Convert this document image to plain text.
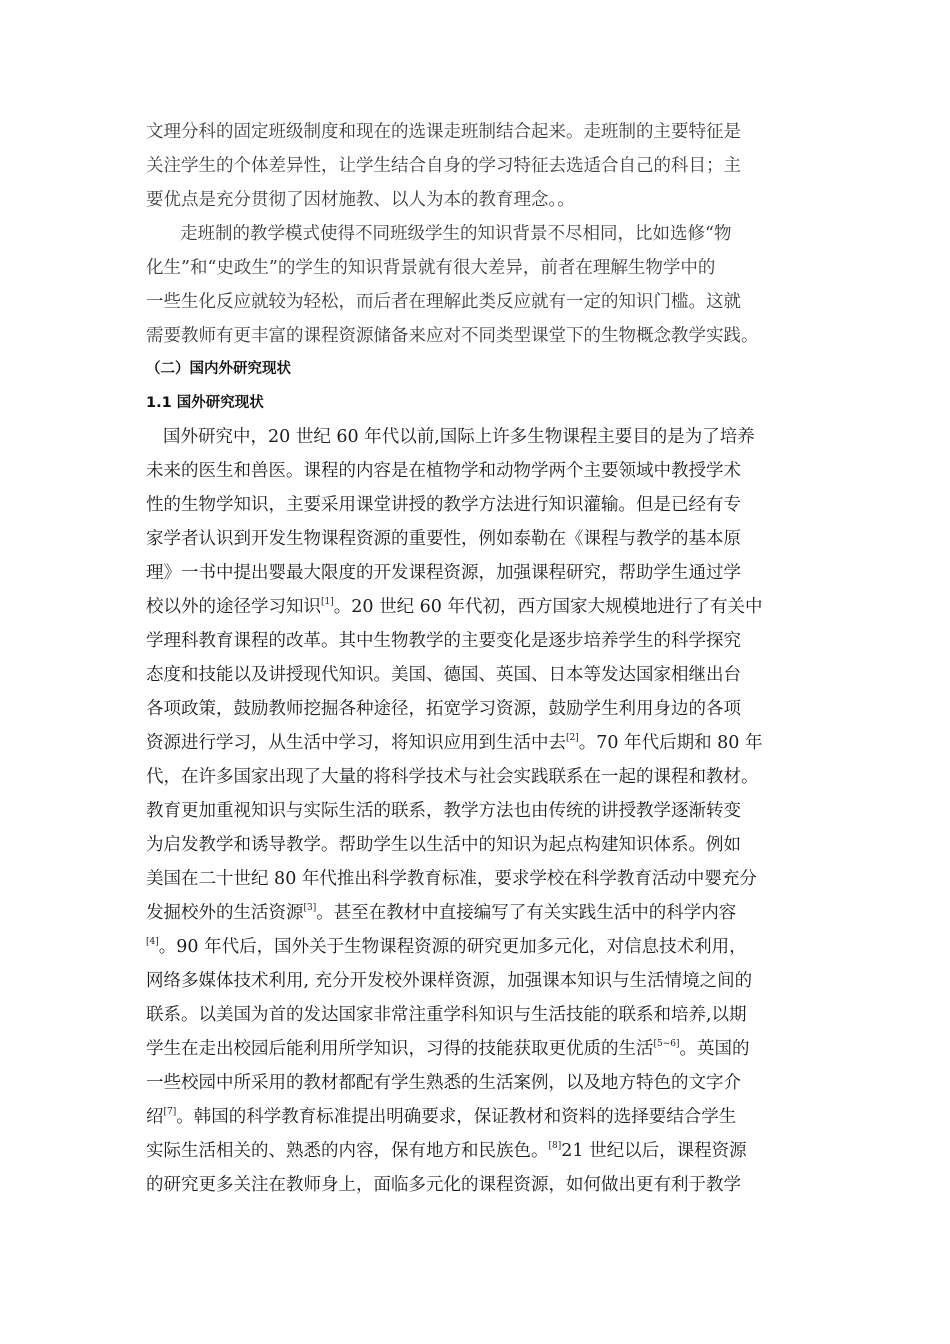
文理分科的固定班级制度和现在的选课走班制结合起来。走班制的主要特征是

关注学生的个体差异性，让学生结合自身的学习特征去选适合自己的科目；主

要优点是充分贯彻了因材施教、以人为本的教育理念。。

走班制的教学模式使得不同班级学生的知识背景不尽相同，比如选修“物

化生”和“史政生”的学生的知识背景就有很大差异，前者在理解生物学中的

一些生化反应就较为轻松，而后者在理解此类反应就有一定的知识门槛。这就

需要教师有更丰富的课程资源储备来应对不同类型课堂下的生物概念教学实践。

（二）国内外研究现状
1.1 国外研究现状

国外研究中，20 世纪 60 年代以前,国际上许多生物课程主要目的是为了培养

未来的医生和兽医。课程的内容是在植物学和动物学两个主要领域中教授学术

性的生物学知识，主要采用课堂讲授的教学方法进行知识灌输。但是已经有专

家学者认识到开发生物课程资源的重要性，例如泰勒在《课程与教学的基本原

理》一书中提出婴最大限度的开发课程资源，加强课程研究，帮助学生通过学

校以外的途径学习知识[1]。20 世纪 60 年代初，西方国家大规模地进行了有关中

学理科教育课程的改革。其中生物教学的主要变化是逐步培养学生的科学探究

态度和技能以及讲授现代知识。美国、德国、英国、日本等发达国家相继出台

各项政策，鼓励教师挖掘各种途径，拓宽学习资源，鼓励学生利用身边的各项

资源进行学习，从生活中学习，将知识应用到生活中去[2]。70 年代后期和 80 年

代，在许多国家出现了大量的将科学技术与社会实践联系在一起的课程和教材。

教育更加重视知识与实际生活的联系，教学方法也由传统的讲授教学逐渐转变

为启发教学和诱导教学。帮助学生以生活中的知识为起点构建知识体系。例如

美国在二十世纪 80 年代推出科学教育标准，要求学校在科学教育活动中婴充分

发掘校外的生活资源[3]。甚至在教材中直接编写了有关实践生活中的科学内容

[4]。90 年代后，国外关于生物课程资源的研究更加多元化，对信息技术利用，

网络多媒体技术利用, 充分开发校外课样资源，加强课本知识与生活情境之间的

联系。以美国为首的发达国家非常注重学科知识与生活技能的联系和培养,以期

学生在走出校园后能利用所学知识，习得的技能获取更优质的生活[5~6]。英国的

一些校园中所采用的教材都配有学生熟悉的生活案例，以及地方特色的文字介

绍[7]。韩国的科学教育标准提出明确要求，保证教材和资料的选择要结合学生

实际生活相关的、熟悉的内容，保有地方和民族色。[8]21 世纪以后，课程资源

的研究更多关注在教师身上，面临多元化的课程资源，如何做出更有利于教学
